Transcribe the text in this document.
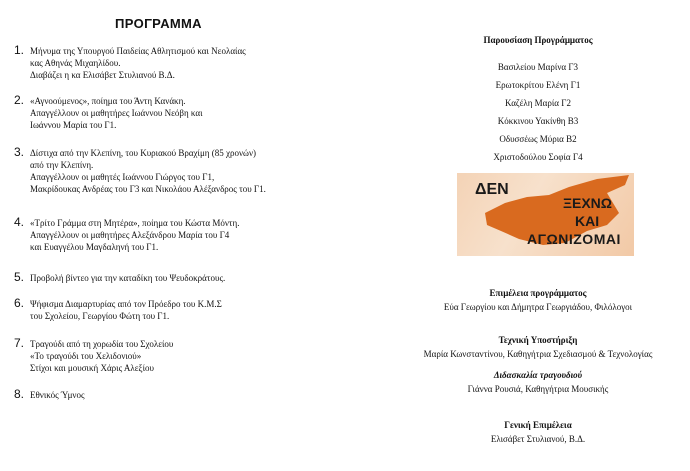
ΠΡΟΓΡΑΜΜΑ
1. Μήνυμα της Υπουργού Παιδείας Αθλητισμού και Νεολαίας
κας Αθηνάς Μιχαηλίδου.
Διαβάζει η κα Ελισάβετ Στυλιανού Β.Δ.
2. «Αγνοούμενος», ποίημα του Άντη Κανάκη.
Απαγγέλλουν οι μαθητήρες Ιωάννου Νεόβη και
Ιωάννου Μαρία του Γ1.
3. Δίστιχα από την Κλεπίνη, του Κυριακού Βραχίμη (85 χρονών)
από την Κλεπίνη.
Απαγγέλλουν οι μαθητές Ιωάννου Γιώργος του Γ1,
Μακρίδουκας Ανδρέας του Γ3 και Νικολάου Αλέξανδρος του Γ1.
4. «Τρίτο Γράμμα στη Μητέρα», ποίημα του Κώστα Μόντη.
Απαγγέλλουν οι μαθητήρες Αλεξάνδρου Μαρία του Γ4
και Ευαγγέλου Μαγδαληνή του Γ1.
5. Προβολή βίντεο για την καταδίκη του Ψευδοκράτους.
6. Ψήφισμα Διαμαρτυρίας από τον Πρόεδρο του Κ.Μ.Σ
του Σχολείου, Γεωργίου Φώτη του Γ1.
7. Τραγούδι από τη χορωδία του Σχολείου
«Το τραγούδι του Χελιδονιού»
Στίχοι και μουσική Χάρις Αλεξίου
8. Εθνικός Ύμνος
Παρουσίαση Προγράμματος
Βασιλείου Μαρίνα Γ3
Ερωτοκρίτου Ελένη Γ1
Καζέλη Μαρία Γ2
Κόκκινου Υακίνθη Β3
Οδυσσέως Μύρια Β2
Χριστοδούλου Σοφία Γ4
ΔΕΝ
ΞΕΧΝΩ
ΚΑΙ
ΑΓΩΝΙΖΟΜΑΙ
Επιμέλεια προγράμματος
Εύα Γεωργίου και Δήμητρα Γεωργιάδου, Φιλόλογοι
Τεχνική Υποστήριξη
Μαρία Κωνσταντίνου, Καθηγήτρια Σχεδιασμού & Τεχνολογίας
Διδασκαλία τραγουδιού
Γιάννα Ρουσιά, Καθηγήτρια Μουσικής
Γενική Επιμέλεια
Ελισάβετ Στυλιανού, Β.Δ.
